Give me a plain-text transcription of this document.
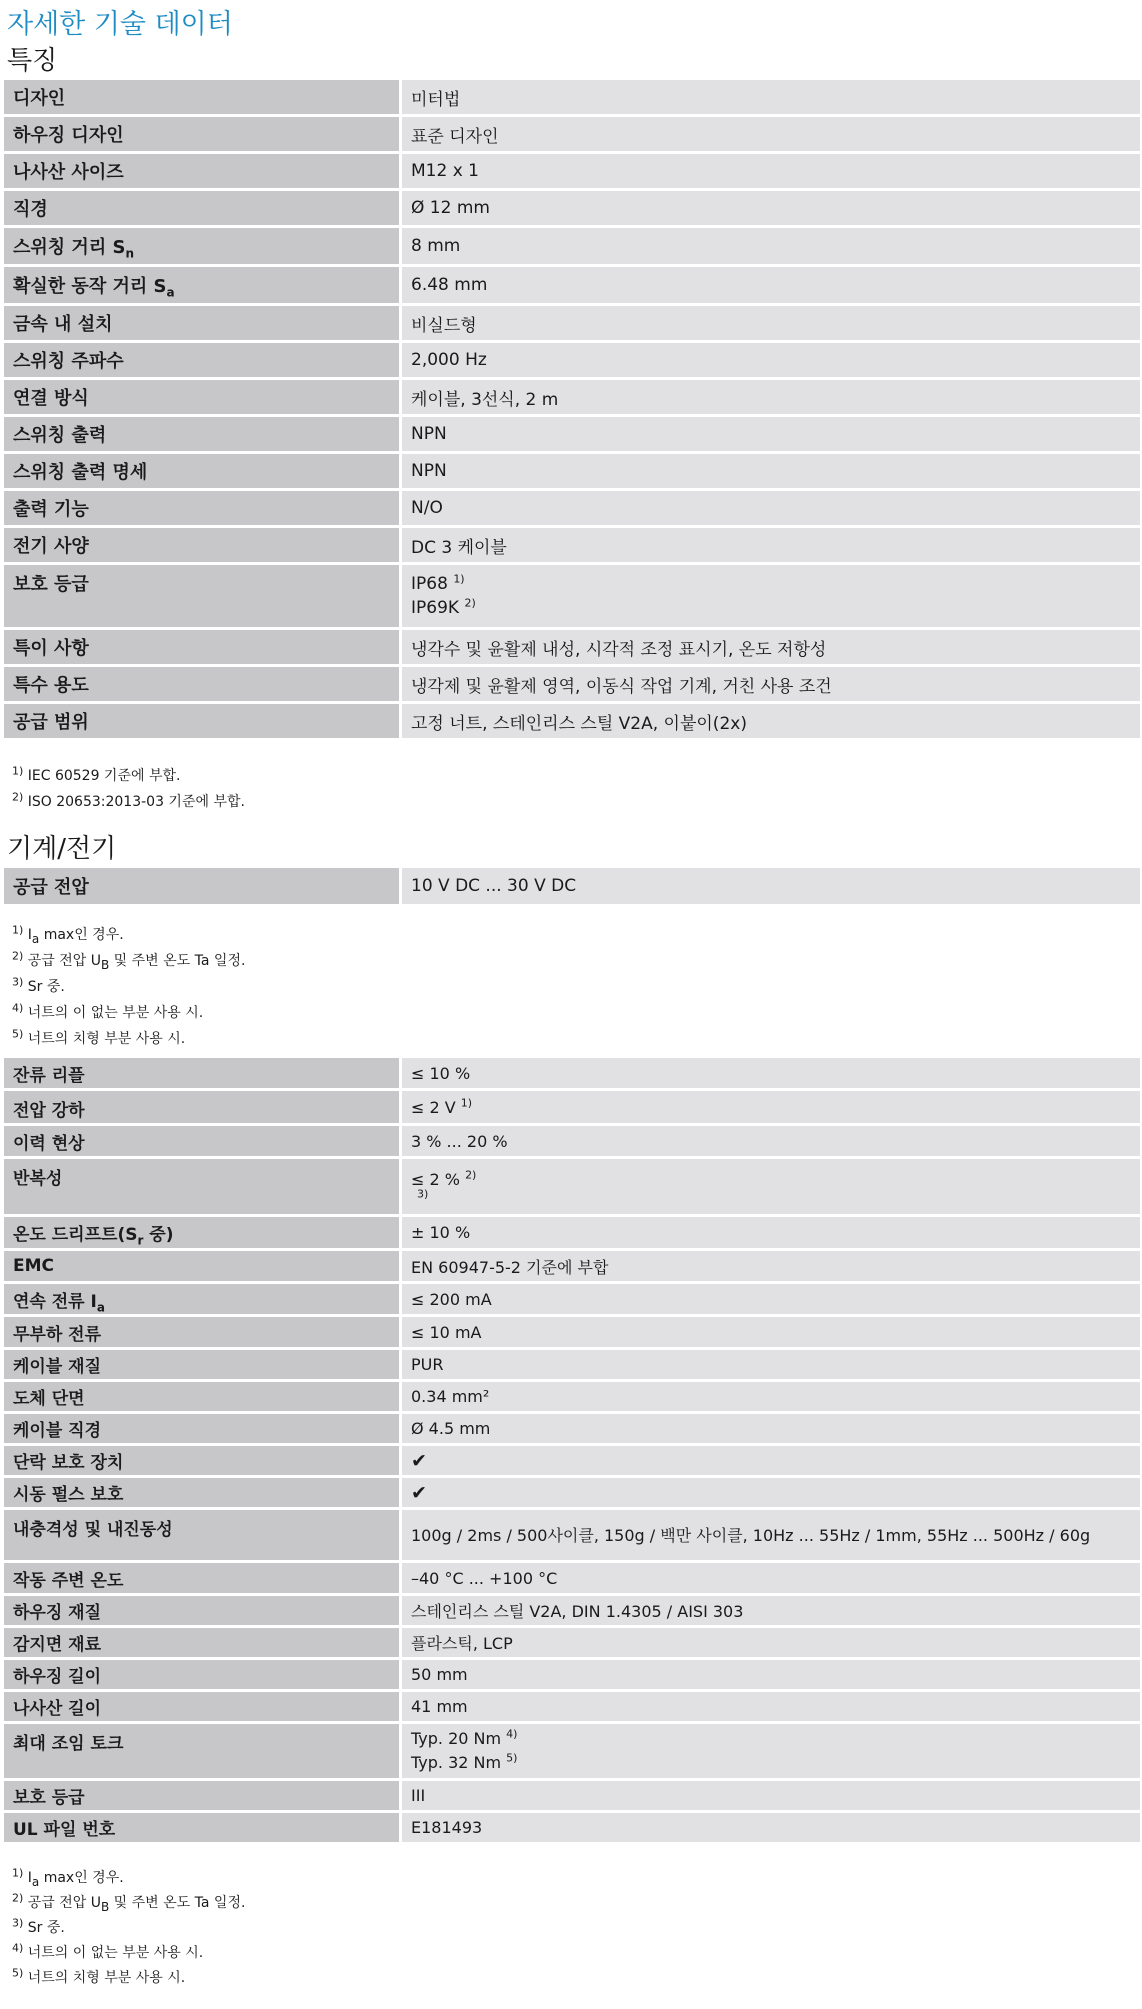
자세한 기술 데이터
특징
디자인	미터법
하우징 디자인	표준 디자인
나사산 사이즈	M12 x 1
직경	Ø 12 mm
스위칭 거리 $S_n$	8 mm
확실한 동작 거리 $S_a$	6.48 mm
금속 내 설치	비실드형
스위칭 주파수	2,000 Hz
연결 방식	케이블, 3선식, 2 m
스위칭 출력	NPN
스위칭 출력 명세	NPN
출력 기능	N/O
전기 사양	DC 3 케이블
보호 등급	IP68 $^{1)}$
IP69K $^{2)}$

특이 사항	냉각수 및 윤활제 내성, 시각적 조정 표시기, 온도 저항성
특수 용도	냉각제 및 윤활제 영역, 이동식 작업 기계, 거친 사용 조건
공급 범위	고정 너트, 스테인리스 스틸 V2A, 이붙이(2x)
$^{1)}$ IEC 60529 기준에 부합.
$^{2)}$ ISO 20653:2013-03 기준에 부합.
기계/전기
공급 전압	10 V DC ... 30 V DC
$^{1)}$ $I_a$ max인 경우.
$^{2)}$ 공급 전압 $U_B$ 및 주변 온도 Ta 일정.
$^{3)}$ Sr 중.
$^{4)}$ 너트의 이 없는 부분 사용 시.
$^{5)}$ 너트의 치형 부분 사용 시.
잔류 리플	≤ 10 %
전압 강하	≤ 2 V $^{1)}$
이력 현상	3 % ... 20 %
반복성	≤ 2 % $^{2)}$
$^{3)}$

온도 드리프트($S_r$ 중)	± 10 %
EMC	EN 60947-5-2 기준에 부합
연속 전류 $I_a$	≤ 200 mA
무부하 전류	≤ 10 mA
케이블 재질	PUR
도체 단면	0.34 mm²
케이블 직경	Ø 4.5 mm
단락 보호 장치	✔
시동 펄스 보호	✔
내충격성 및 내진동성	100g / 2ms / 500사이클, 150g / 백만 사이클, 10Hz ... 55Hz / 1mm, 55Hz ... 500Hz / 60g
작동 주변 온도	–40 °C ... +100 °C
하우징 재질	스테인리스 스틸 V2A, DIN 1.4305 / AISI 303
감지면 재료	플라스틱, LCP
하우징 길이	50 mm
나사산 길이	41 mm
최대 조임 토크	Typ. 20 Nm $^{4)}$
Typ. 32 Nm $^{5)}$

보호 등급	III
UL 파일 번호	E181493
$^{1)}$ $I_a$ max인 경우.
$^{2)}$ 공급 전압 $U_B$ 및 주변 온도 Ta 일정.
$^{3)}$ Sr 중.
$^{4)}$ 너트의 이 없는 부분 사용 시.
$^{5)}$ 너트의 치형 부분 사용 시.
